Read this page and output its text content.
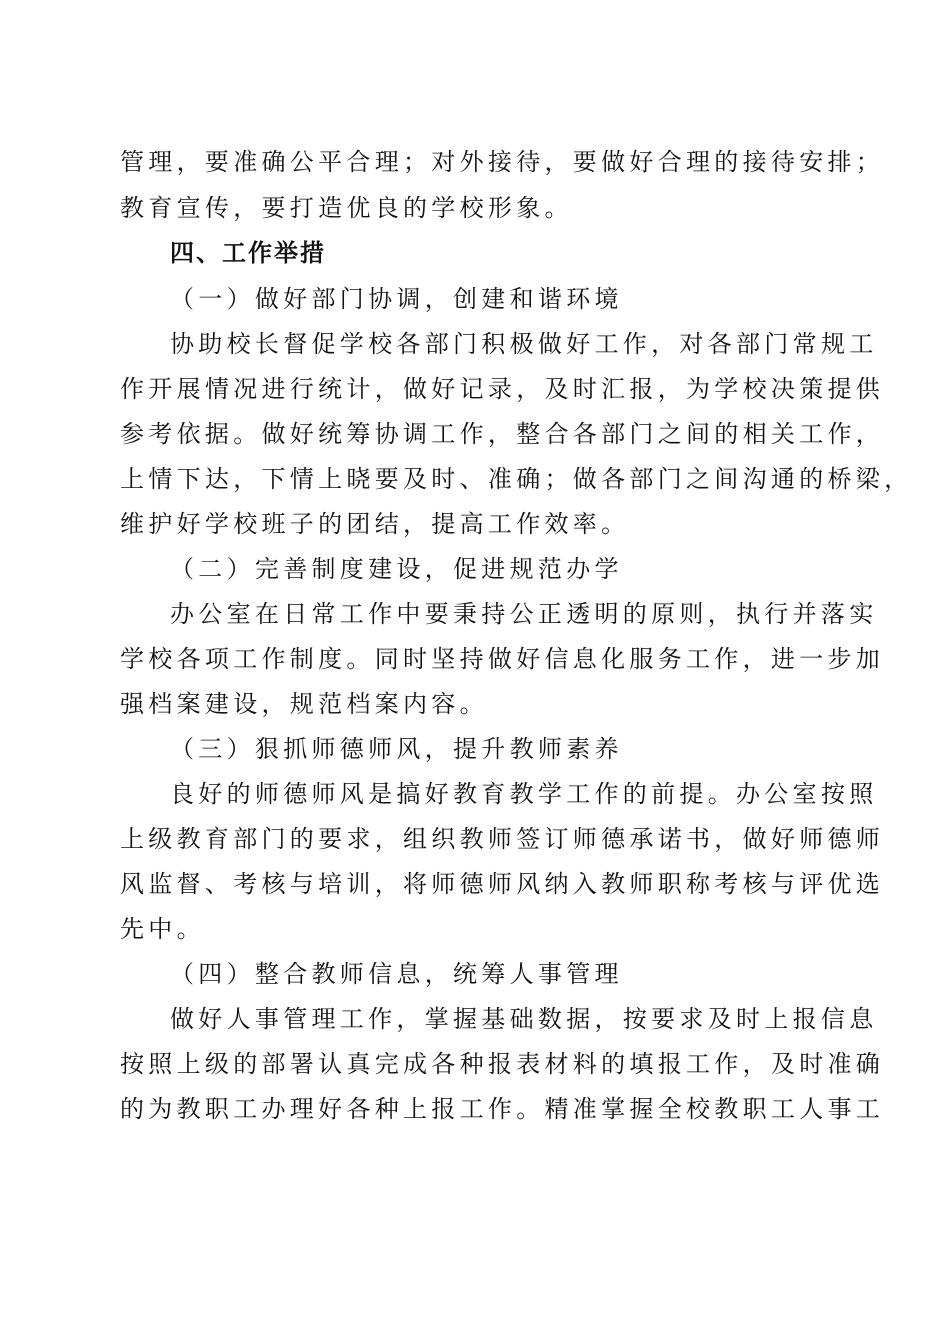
管理，要准确公平合理；对外接待，要做好合理的接待安排；
教育宣传，要打造优良的学校形象。
四、工作举措
（一）做好部门协调，创建和谐环境
协助校长督促学校各部门积极做好工作，对各部门常规工
作开展情况进行统计，做好记录，及时汇报，为学校决策提供
参考依据。做好统筹协调工作，整合各部门之间的相关工作，
上情下达，下情上晓要及时、准确；做各部门之间沟通的桥梁，
维护好学校班子的团结，提高工作效率。
（二）完善制度建设，促进规范办学
办公室在日常工作中要秉持公正透明的原则，执行并落实
学校各项工作制度。同时坚持做好信息化服务工作，进一步加
强档案建设，规范档案内容。
（三）狠抓师德师风，提升教师素养
良好的师德师风是搞好教育教学工作的前提。办公室按照
上级教育部门的要求，组织教师签订师德承诺书，做好师德师
风监督、考核与培训，将师德师风纳入教师职称考核与评优选
先中。
（四）整合教师信息，统筹人事管理
做好人事管理工作，掌握基础数据，按要求及时上报信息
按照上级的部署认真完成各种报表材料的填报工作，及时准确
的为教职工办理好各种上报工作。精准掌握全校教职工人事工
